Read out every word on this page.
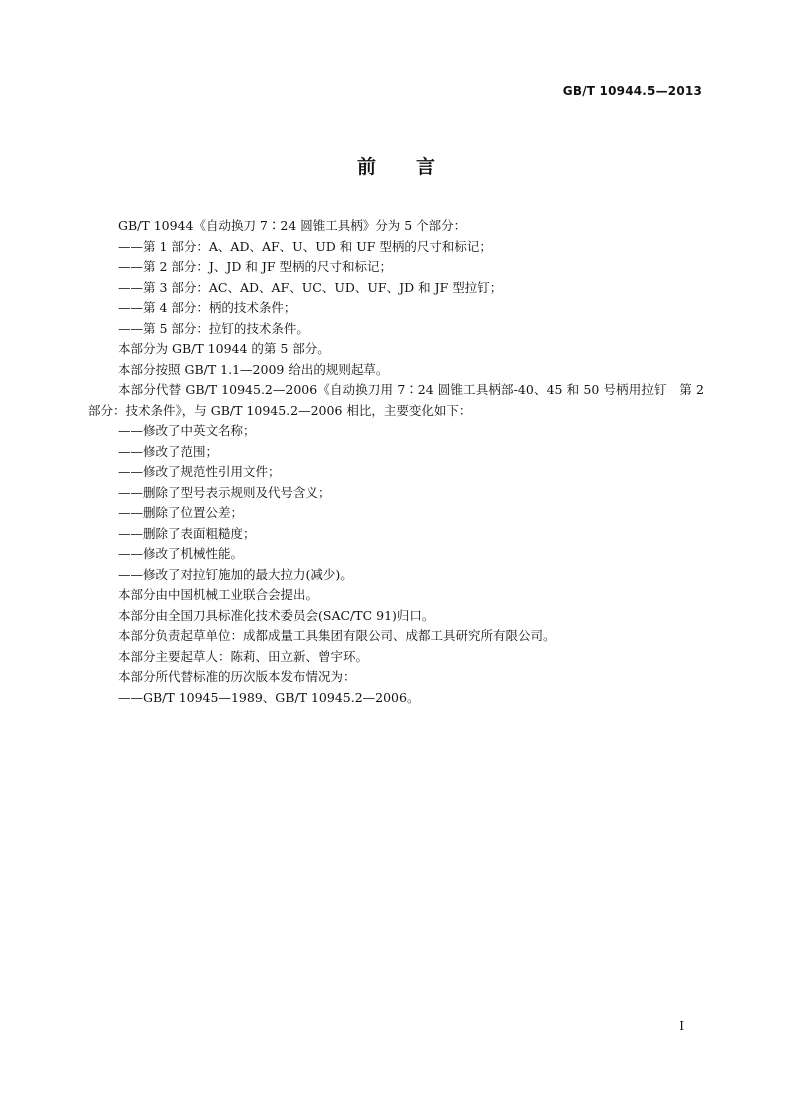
GB/T 10944.5—2013
前言

GB/T 10944《自动换刀 7∶24 圆锥工具柄》分为 5 个部分：

——第 1 部分：A、AD、AF、U、UD 和 UF 型柄的尺寸和标记；

——第 2 部分：J、JD 和 JF 型柄的尺寸和标记；

——第 3 部分：AC、AD、AF、UC、UD、UF、JD 和 JF 型拉钉；

——第 4 部分：柄的技术条件；

——第 5 部分：拉钉的技术条件。

本部分为 GB/T 10944 的第 5 部分。

本部分按照 GB/T 1.1—2009 给出的规则起草。

本部分代替 GB/T 10945.2—2006《自动换刀用 7∶24 圆锥工具柄部-40、45 和 50 号柄用拉钉　第 2 部分：技术条件》，与 GB/T 10945.2—2006 相比，主要变化如下：

——修改了中英文名称；

——修改了范围；

——修改了规范性引用文件；

——删除了型号表示规则及代号含义；

——删除了位置公差；

——删除了表面粗糙度；

——修改了机械性能。

——修改了对拉钉施加的最大拉力(减少)。

本部分由中国机械工业联合会提出。

本部分由全国刀具标准化技术委员会(SAC/TC 91)归口。

本部分负责起草单位：成都成量工具集团有限公司、成都工具研究所有限公司。

本部分主要起草人：陈莉、田立新、曾宇环。

本部分所代替标准的历次版本发布情况为：

——GB/T 10945—1989、GB/T 10945.2—2006。

I
